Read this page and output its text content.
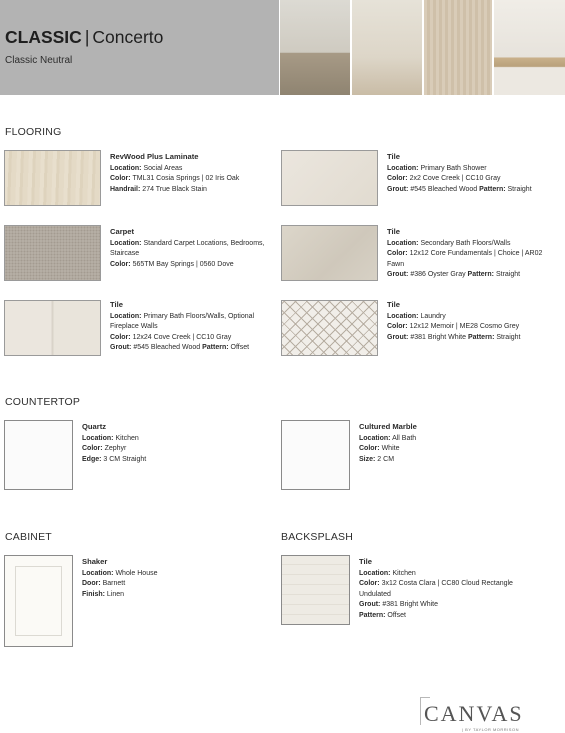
CLASSIC | Concerto
Classic Neutral
FLOORING
RevWood Plus Laminate
Location: Social Areas
Color: TML31 Cosia Springs | 02 Iris Oak
Handrail: 274 True Black Stain
Tile
Location: Primary Bath Shower
Color: 2x2 Cove Creek | CC10 Gray
Grout: #545 Bleached Wood Pattern: Straight
Carpet
Location: Standard Carpet Locations, Bedrooms, Staircase
Color: 565TM Bay Springs | 0560 Dove
Tile
Location: Secondary Bath Floors/Walls
Color: 12x12 Core Fundamentals | Choice | AR02 Fawn
Grout: #386 Oyster Gray Pattern: Straight
Tile
Location: Primary Bath Floors/Walls, Optional Fireplace Walls
Color: 12x24 Cove Creek | CC10 Gray
Grout: #545 Bleached Wood Pattern: Offset
Tile
Location: Laundry
Color: 12x12 Memoir | ME28 Cosmo Grey
Grout: #381 Bright White Pattern: Straight
COUNTERTOP
Quartz
Location: Kitchen
Color: Zephyr
Edge: 3 CM Straight
Cultured Marble
Location: All Bath
Color: White
Size: 2 CM
CABINET
Shaker
Location: Whole House
Door: Barnett
Finish: Linen
BACKSPLASH
Tile
Location: Kitchen
Color: 3x12 Costa Clara | CC80 Cloud Rectangle Undulated
Grout: #381 Bright White
Pattern: Offset
CANVAS
| BY TAYLOR MORRISON
